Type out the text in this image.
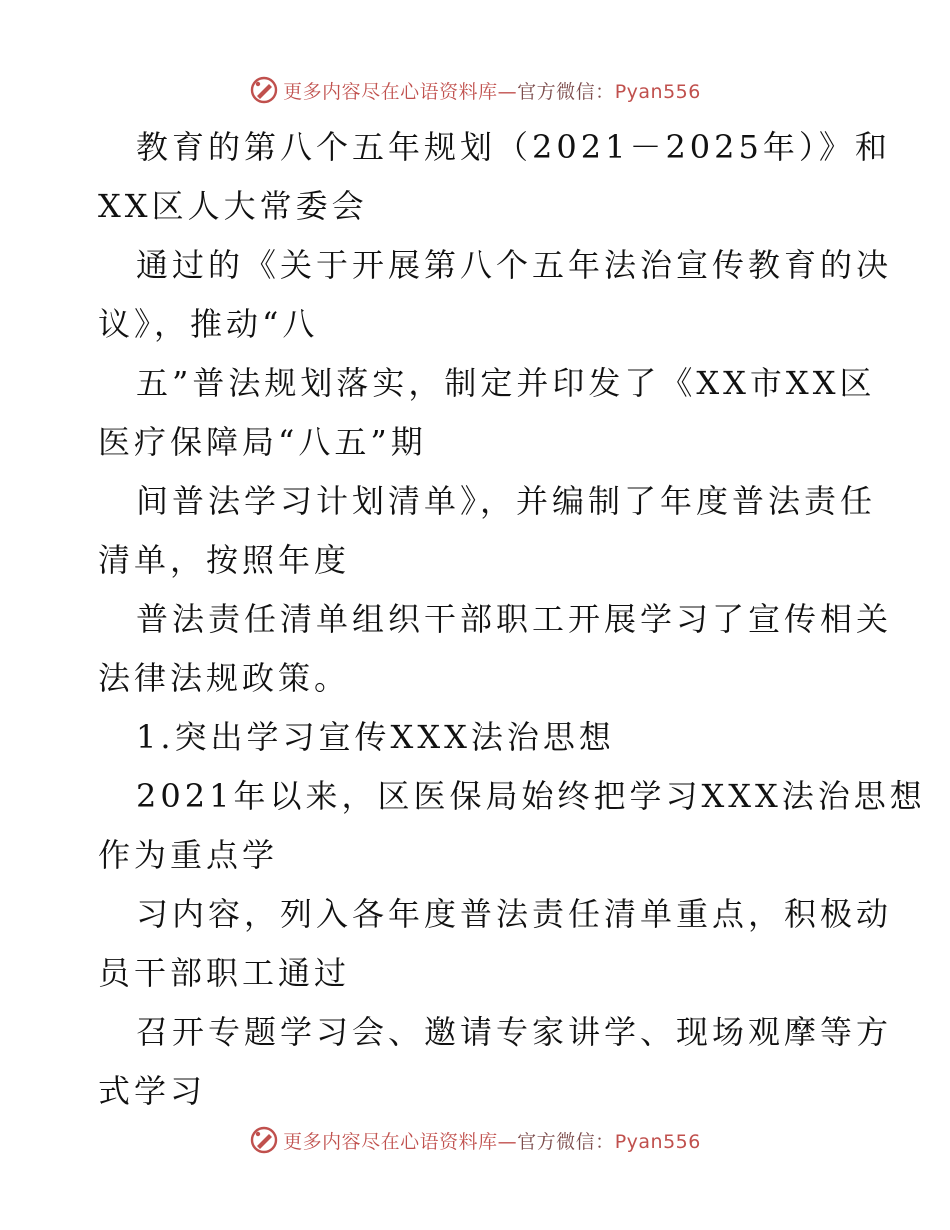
更多内容尽在心语资料库—官方微信：Pyan556
教育的第八个五年规划（2021－2025年）》和
XX区人大常委会
通过的《关于开展第八个五年法治宣传教育的决
议》，推动“八
五”普法规划落实，制定并印发了《XX市XX区
医疗保障局“八五”期
间普法学习计划清单》，并编制了年度普法责任
清单，按照年度
普法责任清单组织干部职工开展学习了宣传相关
法律法规政策。
1.突出学习宣传XXX法治思想
2021年以来，区医保局始终把学习XXX法治思想
作为重点学
习内容，列入各年度普法责任清单重点，积极动
员干部职工通过
召开专题学习会、邀请专家讲学、现场观摩等方
式学习
更多内容尽在心语资料库—官方微信：Pyan556
